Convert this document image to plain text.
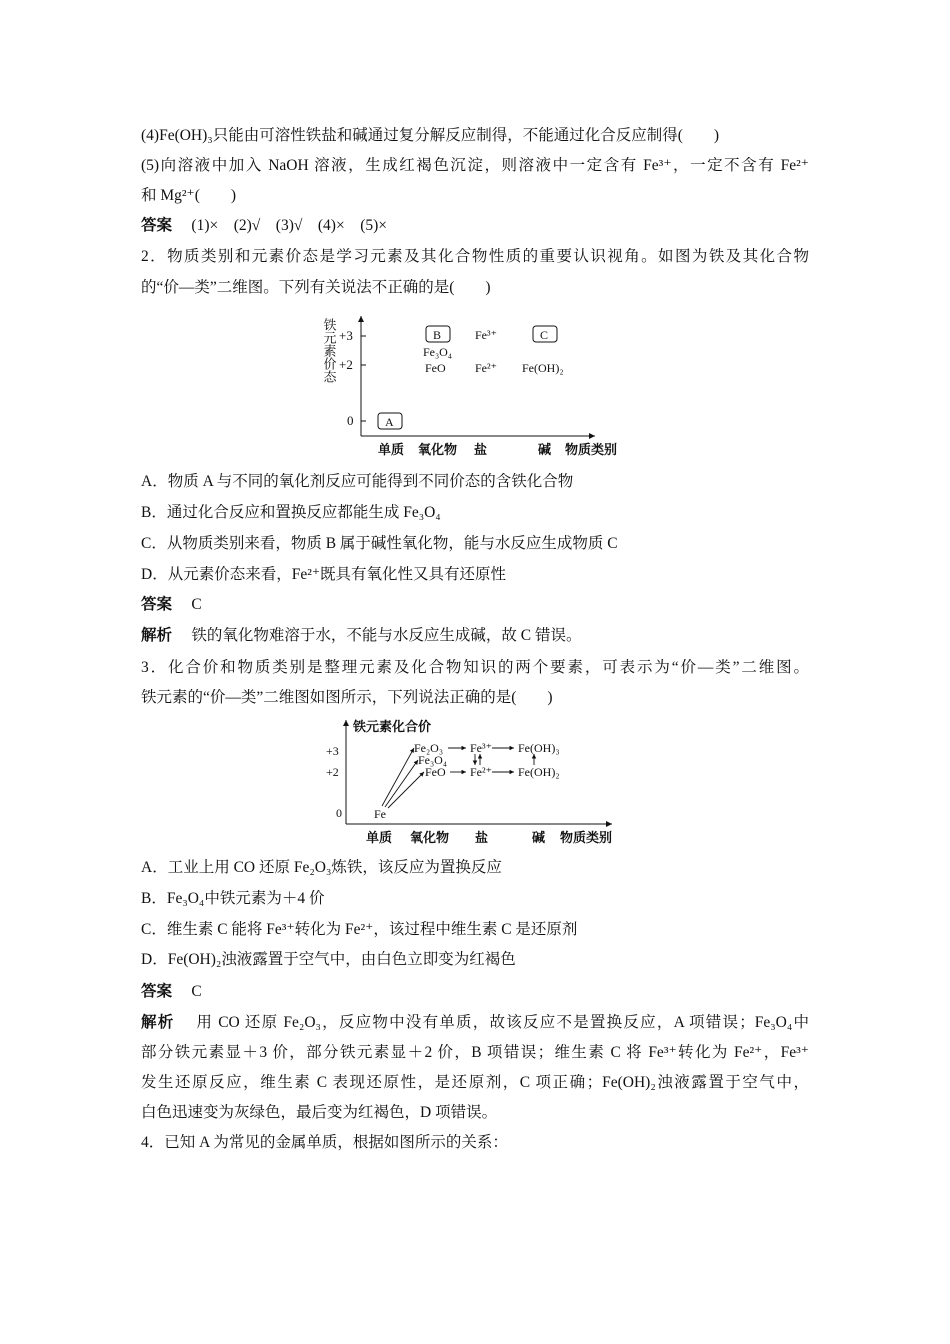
(4)Fe(OH)₃只能由可溶性铁盐和碱通过复分解反应制得，不能通过化合反应制得(　　)
(5)向溶液中加入 NaOH 溶液，生成红褐色沉淀，则溶液中一定含有 Fe³⁺，一定不含有 Fe²⁺
和 Mg²⁺(　　)
答案　 (1)×　(2)√　(3)√　(4)×　(5)×
2．物质类别和元素价态是学习元素及其化合物性质的重要认识视角。如图为铁及其化合物
的“价—类”二维图。下列有关说法不正确的是(　　)
铁元素价态 +3
+2
0
单质 氧化物 盐	碱 物质类别
A
B	C
Fe₃O₄
FeO
Fe³⁺
Fe²⁺ Fe(OH)₂
A．物质 A 与不同的氧化剂反应可能得到不同价态的含铁化合物
B．通过化合反应和置换反应都能生成 Fe₃O₄
C．从物质类别来看，物质 B 属于碱性氧化物，能与水反应生成物质 C
D．从元素价态来看，Fe²⁺既具有氧化性又具有还原性
答案　 C
解析　 铁的氧化物难溶于水，不能与水反应生成碱，故 C 错误。
3．化合价和物质类别是整理元素及化合物知识的两个要素，可表示为“价—类”二维图。
铁元素的“价—类”二维图如图所示，下列说法正确的是(　　)
铁元素化合价
+3
+2
0
单质 氧化物 盐	碱 物质类别
Fe
Fe₂O₃
Fe₃O₄
FeO
Fe³⁺
Fe²⁺
Fe(OH)₃
Fe(OH)₂
A．工业上用 CO 还原 Fe₂O₃炼铁，该反应为置换反应
B．Fe₃O₄中铁元素为＋4 价
C．维生素 C 能将 Fe³⁺转化为 Fe²⁺，该过程中维生素 C 是还原剂
D．Fe(OH)₂浊液露置于空气中，由白色立即变为红褐色
答案　 C
解析　 用 CO 还原 Fe₂O₃，反应物中没有单质，故该反应不是置换反应，A 项错误；Fe₃O₄中
部分铁元素显＋3 价，部分铁元素显＋2 价，B 项错误；维生素 C 将 Fe³⁺转化为 Fe²⁺，Fe³⁺
发生还原反应，维生素 C 表现还原性，是还原剂，C 项正确；Fe(OH)₂浊液露置于空气中，
白色迅速变为灰绿色，最后变为红褐色，D 项错误。
4．已知 A 为常见的金属单质，根据如图所示的关系：
